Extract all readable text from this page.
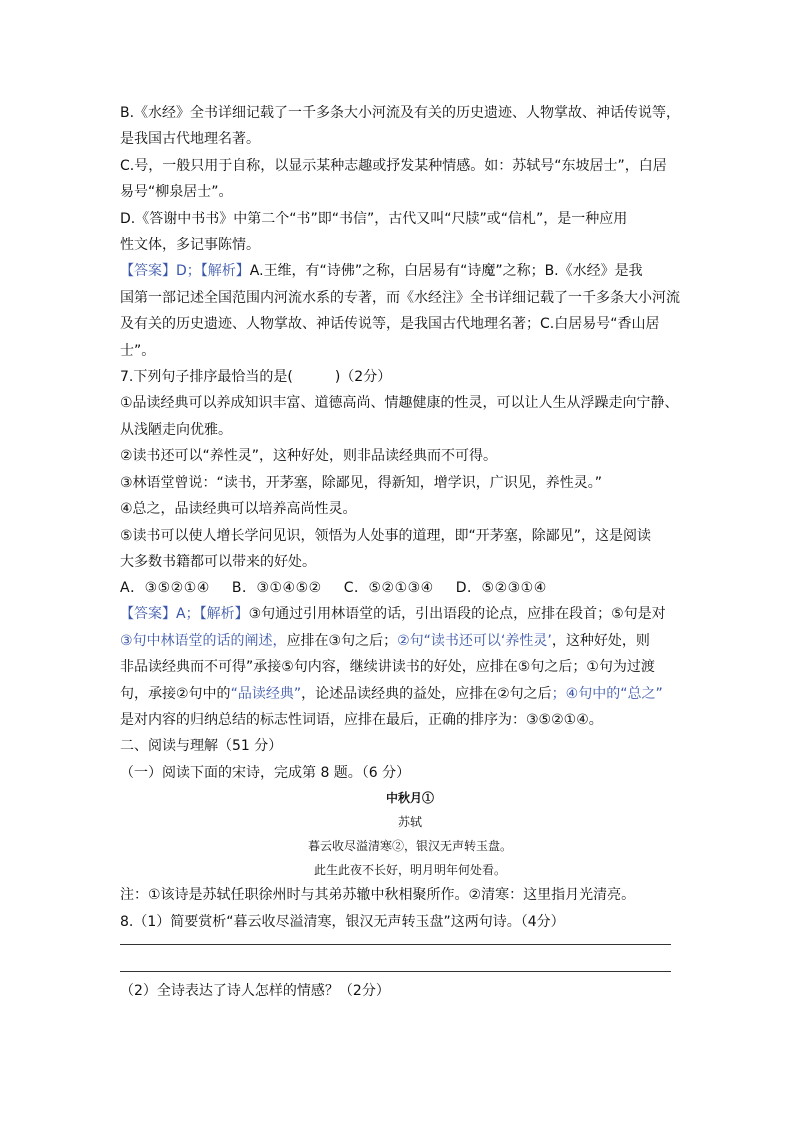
B.《水经》全书详细记载了一千多条大小河流及有关的历史遗迹、人物掌故、神话传说等，
是我国古代地理名著。
C.号，一般只用于自称，以显示某种志趣或抒发某种情感。如：苏轼号“东坡居士”，白居
易号“柳泉居士”。
D.《答谢中书书》中第二个“书”即“书信”，古代又叫“尺牍”或“信札”，是一种应用
性文体，多记事陈情。
【答案】D；【解析】A.王维，有“诗佛”之称，白居易有“诗魔”之称；B.《水经》是我
国第一部记述全国范围内河流水系的专著，而《水经注》全书详细记载了一千多条大小河流
及有关的历史遗迹、人物掌故、神话传说等，是我国古代地理名著；C.白居易号“香山居
士”。
7.下列句子排序最恰当的是(　　　)（2分）
①品读经典可以养成知识丰富、道德高尚、情趣健康的性灵，可以让人生从浮躁走向宁静、
从浅陋走向优雅。
②读书还可以“养性灵”，这种好处，则非品读经典而不可得。
③林语堂曾说：“读书，开茅塞，除鄙见，得新知，增学识，广识见，养性灵。”
④总之，品读经典可以培养高尚性灵。
⑤读书可以使人增长学问见识，领悟为人处事的道理，即“开茅塞，除鄙见”，这是阅读
大多数书籍都可以带来的好处。
A．③⑤②①④ B．③①④⑤② C．⑤②①③④ D．⑤②③①④
【答案】A；【解析】③句通过引用林语堂的话，引出语段的论点，应排在段首；⑤句是对
③句中林语堂的话的阐述，应排在③句之后；②句“读书还可以‘养性灵’，这种好处，则
非品读经典而不可得”承接⑤句内容，继续讲读书的好处，应排在⑤句之后；①句为过渡
句，承接②句中的“品读经典”，论述品读经典的益处，应排在②句之后；④句中的“总之”
是对内容的归纳总结的标志性词语，应排在最后，正确的排序为：③⑤②①④。
二、阅读与理解（51 分）
（一）阅读下面的宋诗，完成第 8 题。（6 分）
中秋月①
苏轼
暮云收尽溢清寒②，银汉无声转玉盘。
此生此夜不长好，明月明年何处看。
注：①该诗是苏轼任职徐州时与其弟苏辙中秋相聚所作。②清寒：这里指月光清亮。
8.（1）简要赏析“暮云收尽溢清寒，银汉无声转玉盘”这两句诗。（4分）
（2）全诗表达了诗人怎样的情感？（2分）
